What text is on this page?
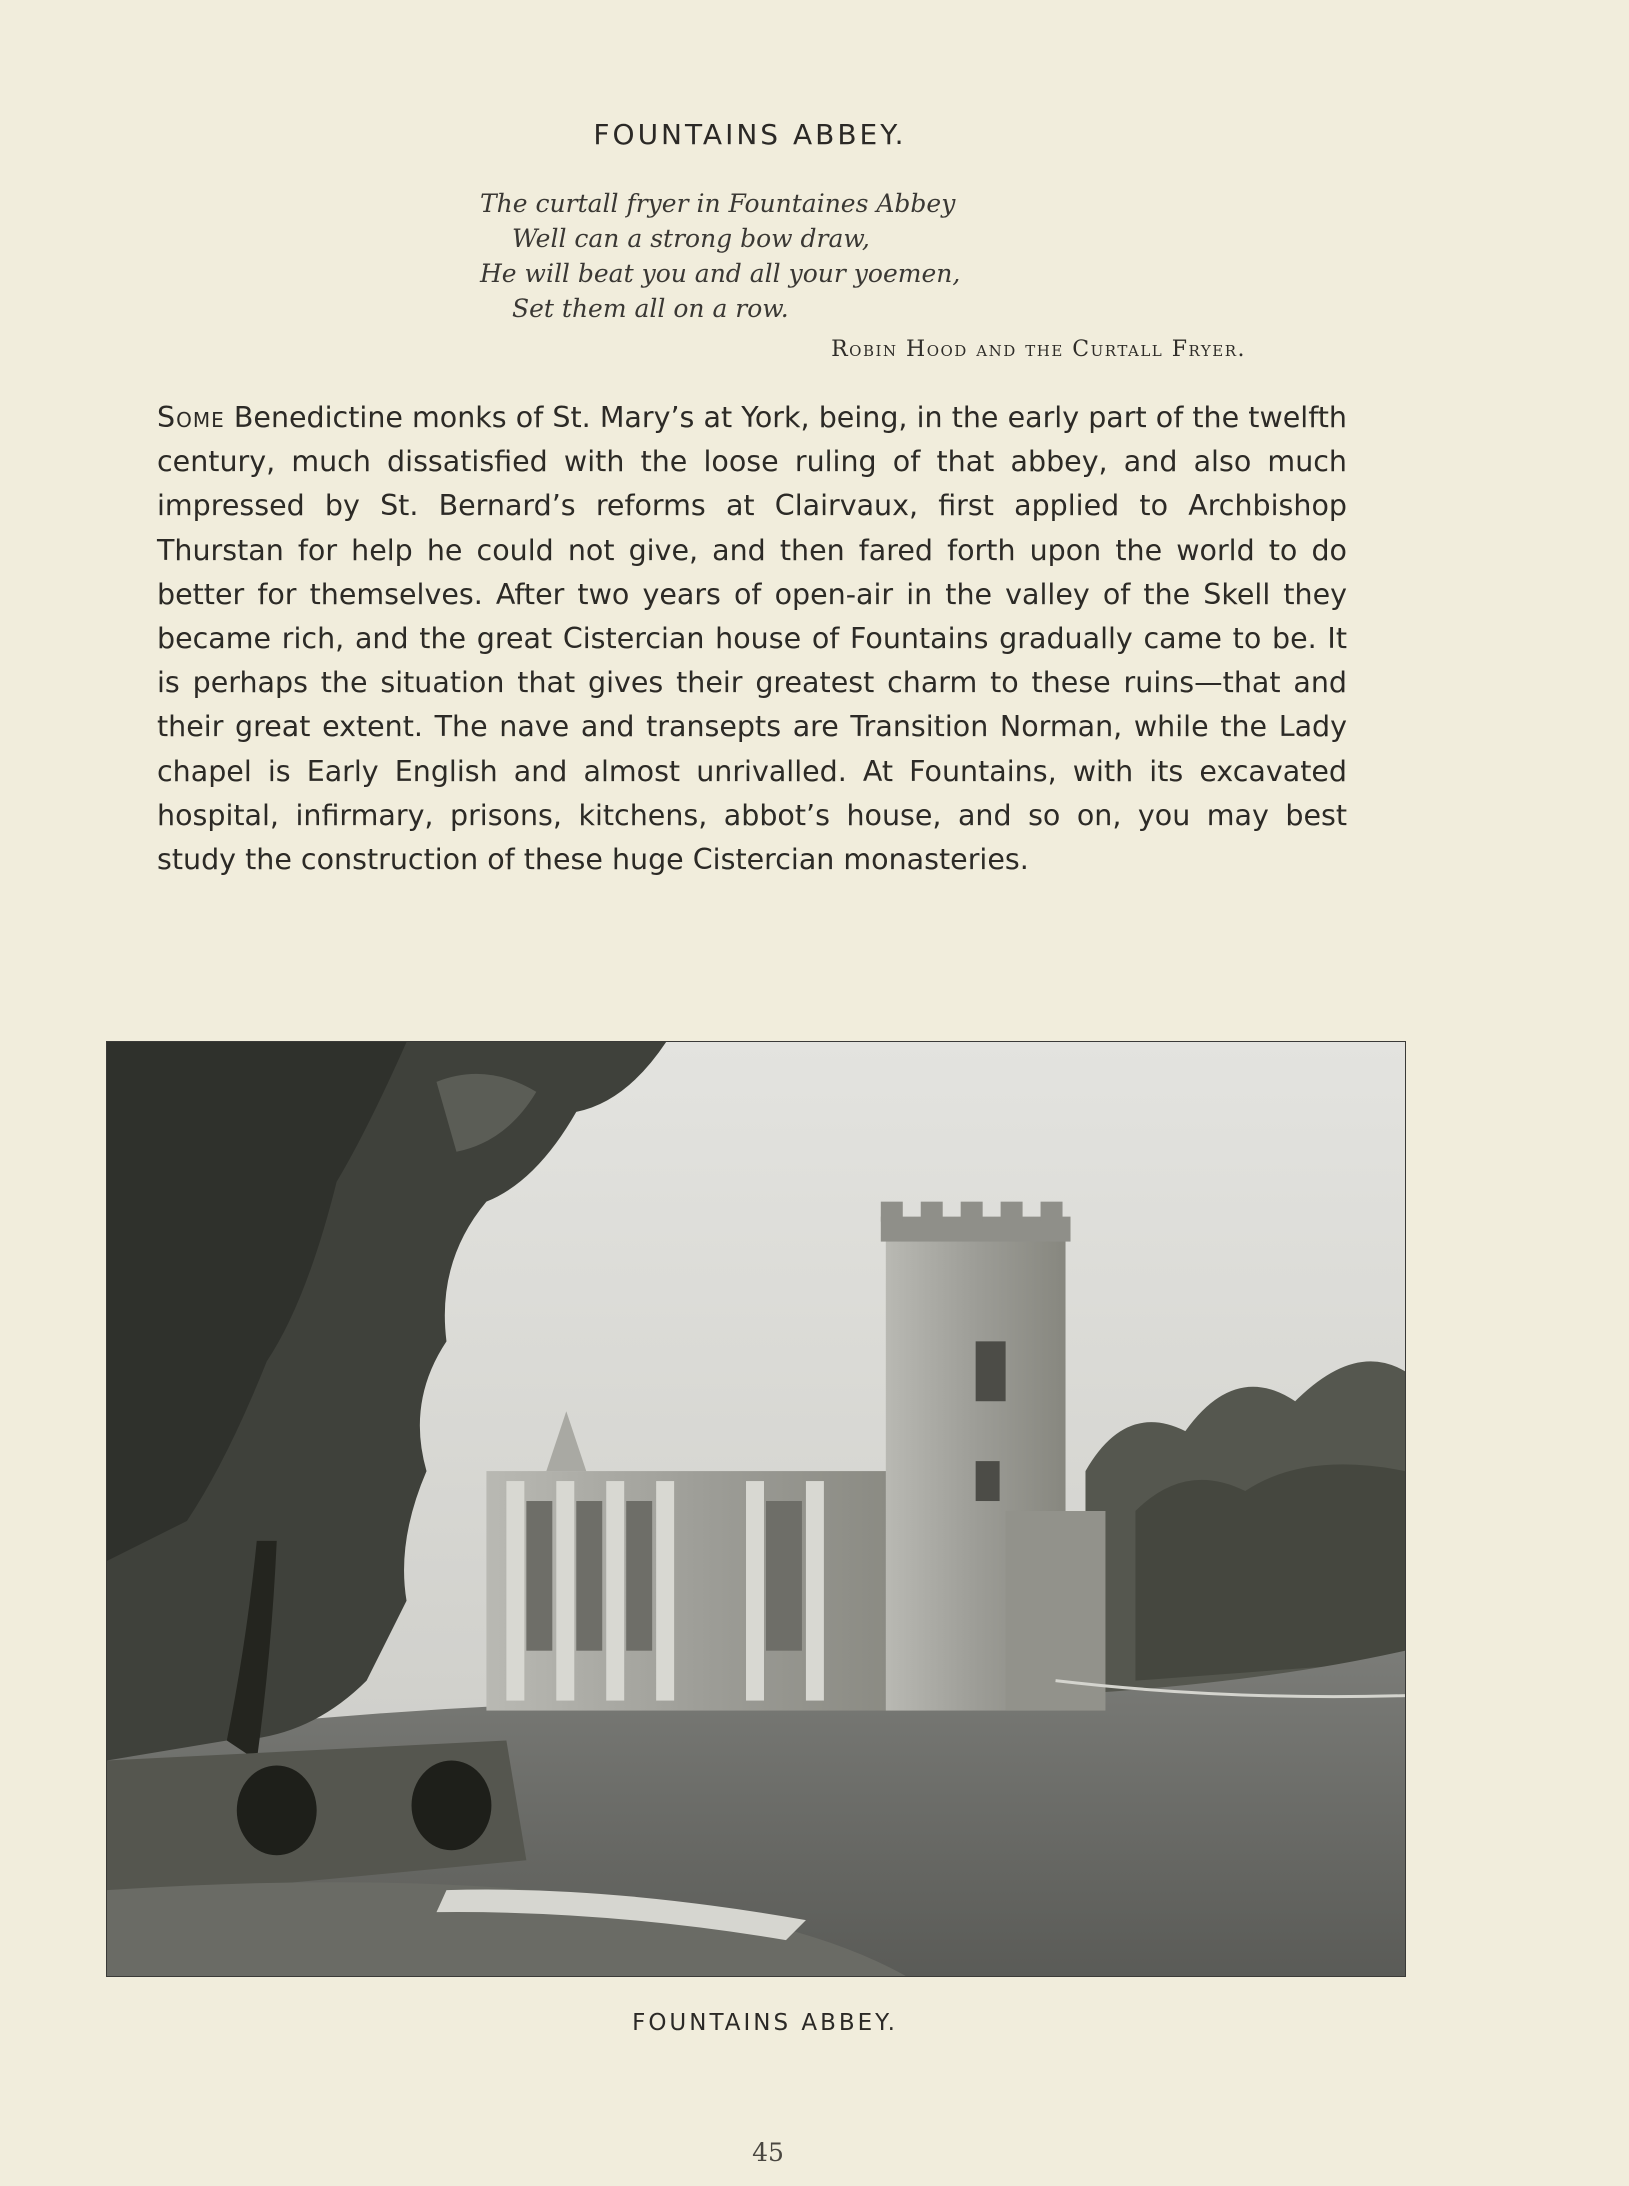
FOUNTAINS ABBEY.
The curtall fryer in Fountaines Abbey
Well can a strong bow draw,
He will beat you and all your yoemen,
Set them all on a row.
Robin Hood and the Curtall Fryer.

Some Benedictine monks of St. Mary’s at York, being, in the early part of the twelfth century, much dissatisfied with the loose ruling of that abbey, and also much impressed by St. Bernard’s reforms at Clairvaux, first applied to Archbishop Thurstan for help he could not give, and then fared forth upon the world to do better for themselves. After two years of open-air in the valley of the Skell they became rich, and the great Cistercian house of Fountains gradually came to be. It is perhaps the situation that gives their greatest charm to these ruins—that and their great extent. The nave and transepts are Transition Norman, while the Lady chapel is Early English and almost unrivalled. At Fountains, with its excavated hospital, infirmary, prisons, kitchens, abbot’s house, and so on, you may best study the construction of these huge Cistercian monasteries.

FOUNTAINS ABBEY.
45
